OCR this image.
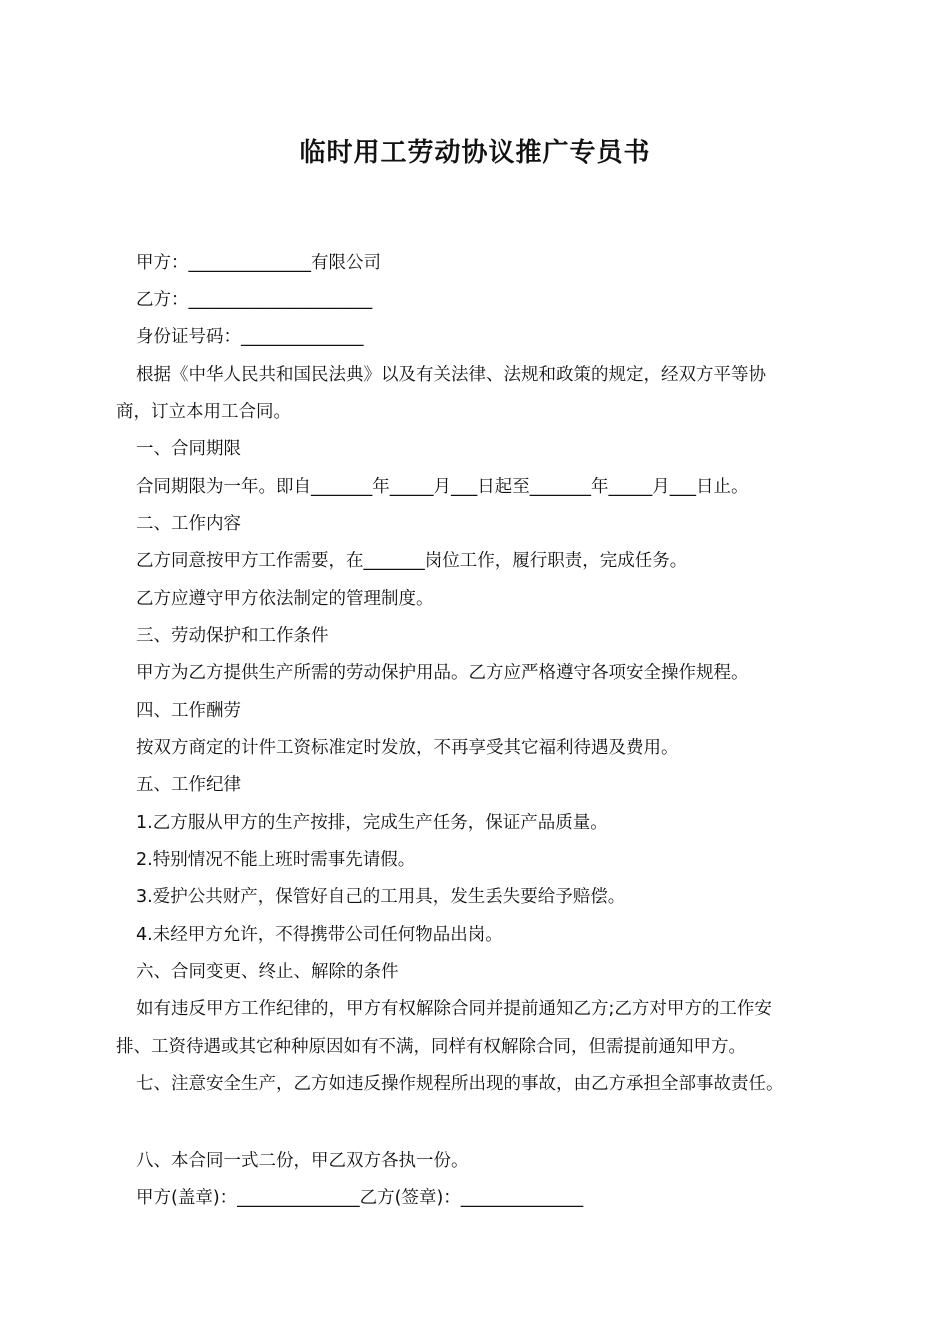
临时用工劳动协议推广专员书
甲方：______________有限公司
乙方：_____________________
身份证号码：______________
根据《中华人民共和国民法典》以及有关法律、法规和政策的规定，经双方平等协
商，订立本用工合同。
一、合同期限
合同期限为一年。即自_______年_____月___日起至_______年_____月___日止。
二、工作内容
乙方同意按甲方工作需要，在_______岗位工作，履行职责，完成任务。
乙方应遵守甲方依法制定的管理制度。
三、劳动保护和工作条件
甲方为乙方提供生产所需的劳动保护用品。乙方应严格遵守各项安全操作规程。
四、工作酬劳
按双方商定的计件工资标准定时发放，不再享受其它福利待遇及费用。
五、工作纪律
1.乙方服从甲方的生产按排，完成生产任务，保证产品质量。
2.特别情况不能上班时需事先请假。
3.爱护公共财产，保管好自己的工用具，发生丢失要给予赔偿。
4.未经甲方允许，不得携带公司任何物品出岗。
六、合同变更、终止、解除的条件
如有违反甲方工作纪律的，甲方有权解除合同并提前通知乙方;乙方对甲方的工作安
排、工资待遇或其它种种原因如有不满，同样有权解除合同，但需提前通知甲方。
七、注意安全生产，乙方如违反操作规程所出现的事故，由乙方承担全部事故责任。
八、本合同一式二份，甲乙双方各执一份。
甲方(盖章)：______________乙方(签章)：______________
